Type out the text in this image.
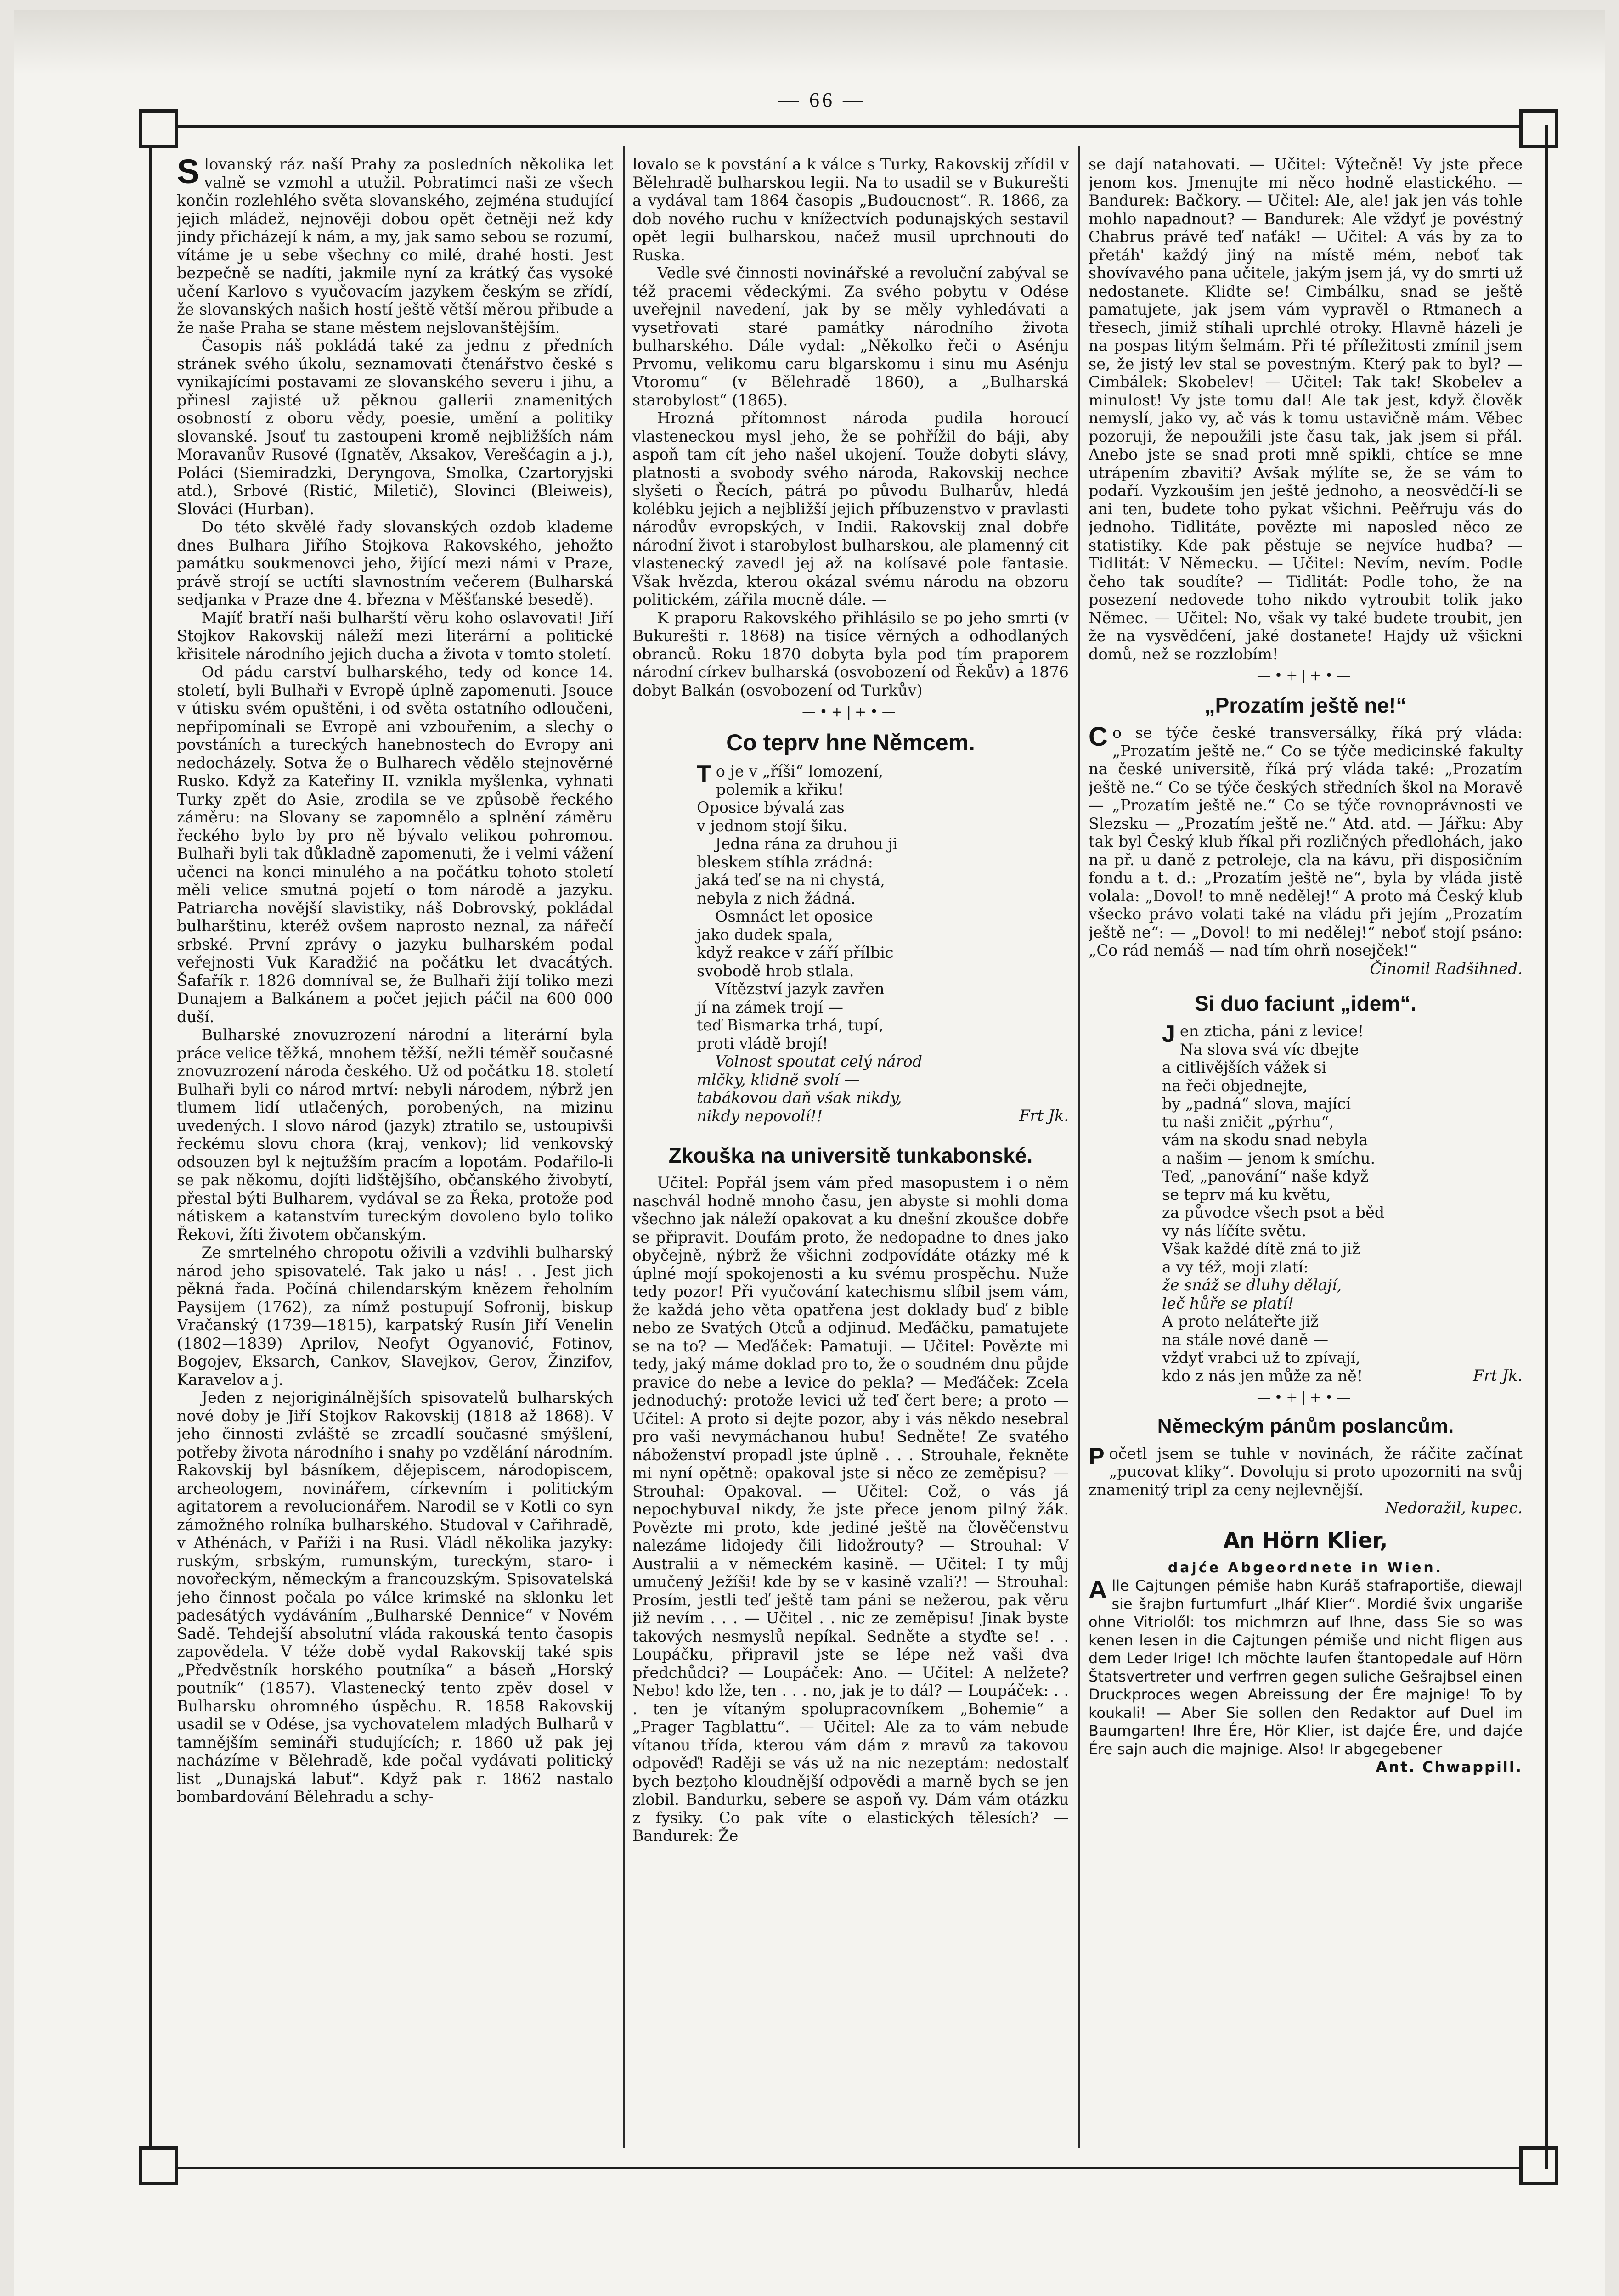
— 66 —

Slovanský ráz naší Prahy za posledních několika let valně se vzmohl a utužil. Pobratimci naši ze všech končin rozlehlého světa slovanského, zejména studující jejich mládež, nejnověji dobou opět četněji než kdy jindy přicházejí k nám, a my, jak samo sebou se rozumí, vítáme je u sebe všechny co milé, drahé hosti. Jest bezpečně se nadíti, jakmile nyní za krátký čas vysoké učení Karlovo s vyučovacím jazykem českým se zřídí, že slovanských našich hostí ještě větší měrou přibude a že naše Praha se stane městem nejslovanštějším.

Časopis náš pokládá také za jednu z předních stránek svého úkolu, seznamovati čtenářstvo české s vynikajícími postavami ze slovanského severu i jihu, a přinesl zajisté už pěknou gallerii znamenitých osobností z oboru vědy, poesie, umění a politiky slovanské. Jsouť tu zastoupeni kromě nejbližších nám Moravanův Rusové (Ignatěv, Aksakov, Verešćagin a j.), Poláci (Siemiradzki, Deryngova, Smolka, Czartoryjski atd.), Srbové (Ristić, Miletič), Slovinci (Bleiweis), Slováci (Hurban).

Do této skvělé řady slovanských ozdob klademe dnes Bulhara Jiřího Stojkova Rakovského, jehožto památku soukmenovci jeho, žijící mezi námi v Praze, právě strojí se uctíti slavnostním večerem (Bulharská sedjanka v Praze dne 4. března v Měšťanské besedě).

Majíť bratří naši bulharští věru koho oslavovati! Jiří Stojkov Rakovskij náleží mezi literární a politické křisitele národního jejich ducha a života v tomto století.

Od pádu carství bulharského, tedy od konce 14. století, byli Bulhaři v Evropě úplně zapomenuti. Jsouce v útisku svém opuštěni, i od světa ostatního odloučeni, nepřipomínali se Evropě ani vzbouřením, a slechy o povstáních a tureckých hanebnostech do Evropy ani nedocházely. Sotva že o Bulharech vědělo stejnověrné Rusko. Když za Kateřiny II. vznikla myšlenka, vyhnati Turky zpět do Asie, zrodila se ve způsobě řeckého záměru: na Slovany se zapomnělo a splnění záměru řeckého bylo by pro ně bývalo velikou pohromou. Bulhaři byli tak důkladně zapomenuti, že i velmi vážení učenci na konci minulého a na počátku tohoto století měli velice smutná pojetí o tom národě a jazyku. Patriarcha novější slavistiky, náš Dobrovský, pokládal bulharštinu, kteréž ovšem naprosto neznal, za nářečí srbské. První zprávy o jazyku bulharském podal veřejnosti Vuk Karadžić na počátku let dvacátých. Šafařík r. 1826 domníval se, že Bulhaři žijí toliko mezi Dunajem a Balkánem a počet jejich páčil na 600 000 duší.

Bulharské znovuzrození národní a literární byla práce velice těžká, mnohem těžší, nežli téměř současné znovuzrození národa českého. Už od počátku 18. století Bulhaři byli co národ mrtví: nebyli národem, nýbrž jen tlumem lidí utlačených, porobených, na mizinu uvedených. I slovo národ (jazyk) ztratilo se, ustoupivši řeckému slovu chora (kraj, venkov); lid venkovský odsouzen byl k nejtužším pracím a lopotám. Podařilo-li se pak někomu, dojíti lidštějšího, občanského živobytí, přestal býti Bulharem, vydával se za Řeka, protože pod nátiskem a katanstvím tureckým dovoleno bylo toliko Řekovi, žíti životem občanským.

Ze smrtelného chropotu oživili a vzdvihli bulharský národ jeho spisovatelé. Tak jako u nás! . . Jest jich pěkná řada. Počíná chilendarským knězem řeholním Paysijem (1762), za nímž postupují Sofronij, biskup Vračanský (1739—1815), karpatský Rusín Jiří Venelin (1802—1839) Aprilov, Neofyt Ogyanović, Fotinov, Bogojev, Eksarch, Cankov, Slavejkov, Gerov, Žinzifov, Karavelov a j.

Jeden z nejoriginálnějších spisovatelů bulharských nové doby je Jiří Stojkov Rakovskij (1818 až 1868). V jeho činnosti zvláště se zrcadlí současné smýšlení, potřeby života národního i snahy po vzdělání národním. Rakovskij byl básníkem, dějepiscem, národopiscem, archeologem, novinářem, církevním i politickým agitatorem a revolucionářem. Narodil se v Kotli co syn zámožného rolníka bulharského. Studoval v Cařihradě, v Athénách, v Paříži i na Rusi. Vládl několika jazyky: ruským, srbským, rumunským, tureckým, staro- i novořeckým, německým a francouzským. Spisovatelská jeho činnost počala po válce krimské na sklonku let padesátých vydáváním „Bulharské Dennice“ v Novém Sadě. Tehdejší absolutní vláda rakouská tento časopis zapovědela. V téže době vydal Rakovskij také spis „Předvěstník horského poutníka“ a báseň „Horský poutník“ (1857). Vlastenecký tento zpěv dosel v Bulharsku ohromného úspěchu. R. 1858 Rakovskij usadil se v Odése, jsa vychovatelem mladých Bulharů v tamnějším semináři studujících; r. 1860 už pak jej nacházíme v Bělehradě, kde počal vydávati politický list „Dunajská labuť“. Když pak r. 1862 nastalo bombardování Bělehradu a schy-

lovalo se k povstání a k válce s Turky, Rakovskij zřídil v Bělehradě bulharskou legii. Na to usadil se v Bukurešti a vydával tam 1864 časopis „Budoucnost“. R. 1866, za dob nového ruchu v knížectvích podunajských sestavil opět legii bulharskou, načež musil uprchnouti do Ruska.

Vedle své činnosti novinářské a revoluční zabýval se též pracemi vědeckými. Za svého pobytu v Odése uveřejnil navedení, jak by se měly vyhledávati a vysetřovati staré památky národního života bulharského. Dále vydal: „Několko řeči o Asénju Prvomu, velikomu caru blgarskomu i sinu mu Asénju Vtoromu“ (v Bělehradě 1860), a „Bulharská starobylost“ (1865).

Hrozná přítomnost národa pudila horoucí vlasteneckou mysl jeho, že se pohřížil do báji, aby aspoň tam cít jeho našel ukojení. Touže dobyti slávy, platnosti a svobody svého národa, Rakovskij nechce slyšeti o Řecích, pátrá po původu Bulharův, hledá kolébku jejich a nejbližší jejich příbuzenstvo v pravlasti národův evropských, v Indii. Rakovskij znal dobře národní život i starobylost bulharskou, ale plamenný cit vlastenecký zavedl jej až na kolísavé pole fantasie. Však hvězda, kterou okázal svému národu na obzoru politickém, zářila mocně dále. —

K praporu Rakovského přihlásilo se po jeho smrti (v Bukurešti r. 1868) na tisíce věrných a odhodlaných obranců. Roku 1870 dobyta byla pod tím praporem národní církev bulharská (osvobození od Řekův) a 1876 dobyt Balkán (osvobození od Turkův)

—•+|+•—
Co teprv hne Němcem.
To je v „říši“ lomození,
polemik a křiku!
Oposice bývalá zas
v jednom stojí šiku.
Jedna rána za druhou ji
bleskem stíhla zrádná:
jaká teď se na ni chystá,
nebyla z nich žádná.
Osmnáct let oposice
jako dudek spala,
když reakce v září přílbic
svobodě hrob stlala.
Vítězství jazyk zavřen
jí na zámek trojí —
teď Bismarka trhá, tupí,
proti vládě brojí!
Volnost spoutat celý národ
mlčky, klidně svolí —
tabákovou daň však nikdy,
nikdy nepovolí!!	Frt Jk.
Zkouška na universitě tunkabonské.

Učitel: Popřál jsem vám před masopustem i o něm naschvál hodně mnoho času, jen abyste si mohli doma všechno jak náleží opakovat a ku dnešní zkoušce dobře se připravit. Doufám proto, že nedopadne to dnes jako obyčejně, nýbrž že všichni zodpovídáte otázky mé k úplné mojí spokojenosti a ku svému prospěchu. Nuže tedy pozor! Při vyučování katechismu slíbil jsem vám, že každá jeho věta opatřena jest doklady buď z bible nebo ze Svatých Otců a odjinud. Meďáčku, pamatujete se na to? — Meďáček: Pamatuji. — Učitel: Povězte mi tedy, jaký máme doklad pro to, že o soudném dnu půjde pravice do nebe a levice do pekla? — Meďáček: Zcela jednoduchý: protože levici už teď čert bere; a proto — Učitel: A proto si dejte pozor, aby i vás někdo nesebral pro vaši nevymáchanou hubu! Sedněte! Ze svatého náboženství propadl jste úplně . . . Strouhale, řekněte mi nyní opětně: opakoval jste si něco ze zeměpisu? — Strouhal: Opakoval. — Učitel: Což, o vás já nepochybuval nikdy, že jste přece jenom pilný žák. Povězte mi proto, kde jediné ještě na člověčenstvu nalezáme lidojedy čili lidožrouty? — Strouhal: V Australii a v německém kasině. — Učitel: I ty můj umučený Ježíši! kde by se v kasině vzali?! — Strouhal: Prosím, jestli teď ještě tam páni se nežerou, pak věru již nevím . . . — Učitel . . nic ze zeměpisu! Jinak byste takových nesmyslů nepíkal. Sedněte a styďte se! . . Loupáčku, připravil jste se lépe než vaši dva předchůdci? — Loupáček: Ano. — Učitel: A nelžete? Nebo! kdo lže, ten . . . no, jak je to dál? — Loupáček: . . . ten je vítaným spolupracovníkem „Bohemie“ a „Prager Tagblattu“. — Učitel: Ale za to vám nebude vítanou třída, kterou vám dám z mravů za takovou odpověď! Raději se vás už na nic nezeptám: nedostalť bych bezțoho kloudnější odpovědi a marně bych se jen zlobil. Bandurku, sebere se aspoň vy. Dám vám otázku z fysiky. Co pak víte o elastických tělesích? — Bandurek: Že

se dají natahovati. — Učitel: Výtečně! Vy jste přece jenom kos. Jmenujte mi něco hodně elastického. — Bandurek: Bačkory. — Učitel: Ale, ale! jak jen vás tohle mohlo napadnout? — Bandurek: Ale vždyť je povéstný Chabrus právě teď naťák! — Učitel: A vás by za to přetáh' každý jiný na místě mém, neboť tak shovívavého pana učitele, jakým jsem já, vy do smrti už nedostanete. Klidte se! Cimbálku, snad se ještě pamatujete, jak jsem vám vypravěl o Rtmanech a třesech, jimiž stíhali uprchlé otroky. Hlavně házeli je na pospas litým šelmám. Při té příležitosti zmínil jsem se, že jistý lev stal se povestným. Který pak to byl? — Cimbálek: Skobelev! — Učitel: Tak tak! Skobelev a minulost! Vy jste tomu dal! Ale tak jest, když člověk nemyslí, jako vy, ač vás k tomu ustavičně mám. Věbec pozoruji, že nepoužili jste času tak, jak jsem si přál. Anebo jste se snad proti mně spikli, chtíce se mne utrápením zbaviti? Avšak mýlíte se, že se vám to podaří. Vyzkouším jen ještě jednoho, a neosvědčí-li se ani ten, budete toho pykat všichni. Peěřruju vás do jednoho. Tidlitáte, povězte mi naposled něco ze statistiky. Kde pak pěstuje se nejvíce hudba? — Tidlitát: V Německu. — Učitel: Nevím, nevím. Podle čeho tak soudíte? — Tidlitát: Podle toho, že na posezení nedovede toho nikdo vytroubit tolik jako Němec. — Učitel: No, však vy také budete troubit, jen že na vysvědčení, jaké dostanete! Hajdy už všickni domů, než se rozzlobím!

—•+|+•—
„Prozatím ještě ne!“

Co se týče české transversálky, říká prý vláda: „Prozatím ještě ne.“ Co se týče medicinské fakulty na české universitě, říká prý vláda také: „Prozatím ještě ne.“ Co se týče českých středních škol na Moravě — „Prozatím ještě ne.“ Co se týče rovnoprávnosti ve Slezsku — „Prozatím ještě ne.“ Atd. atd. — Jářku: Aby tak byl Český klub říkal při rozličných předlohách, jako na př. u daně z petroleje, cla na kávu, při disposičním fondu a t. d.: „Prozatím ještě ne“, byla by vláda jistě volala: „Dovol! to mně nedělej!“ A proto má Český klub všecko právo volati také na vládu při jejím „Prozatím ještě ne“: — „Dovol! to mi nedělej!“ neboť stojí psáno: „Co rád nemáš — nad tím ohrň nosejček!“

Činomil Radšihned.
Si duo faciunt „idem“.
Jen zticha, páni z levice!
Na slova svá víc dbejte
a citlivějších vážek si
na řeči objednejte,
by „padná“ slova, mající
tu naši zničit „pýrhu“,
vám na skodu snad nebyla
a našim — jenom k smíchu.
Teď, „panování“ naše když
se teprv má ku květu,
za původce všech psot a běd
vy nás líčíte světu.
Však každé dítě zná to již
a vy též, moji zlatí:
že snáž se dluhy dělají,
leč hůře se platí!
A proto neláteřte již
na stále nové daně —
vždyť vrabci už to zpívají,
kdo z nás jen může za ně!	Frt Jk.
—•+|+•—
Německým pánům poslancům.

Početl jsem se tuhle v novinách, že ráčite začínat „pucovat kliky“. Dovoluju si proto upozorniti na svůj znamenitý tripl za ceny nejlevnější.

Nedoražil, kupec.
An Hörn Klier,
dajće Abgeordnete in Wien.

Alle Cajtungen pémiše habn Kuráš stafraportiše, diewajl sie šrajbn furtumfurt „lháŕ Klier“. Mordié švix ungariše ohne Vitriolől: tos michmrzn auf Ihne, dass Sie so was kenen lesen in die Cajtungen pémiše und nicht fligen aus dem Leder Irige! Ich möchte laufen štantopedale auf Hörn Štatsvertreter und verfrren gegen suliche Gešrajbsel einen Druckproces wegen Abreissung der Ére majnige! To by koukali! — Aber Sie sollen den Redaktor auf Duel im Baumgarten! Ihre Ére, Hör Klier, ist dajće Ére, und dajće Ére sajn auch die majnige. Also! Ir abgegebener

Ant. Chwappill.
